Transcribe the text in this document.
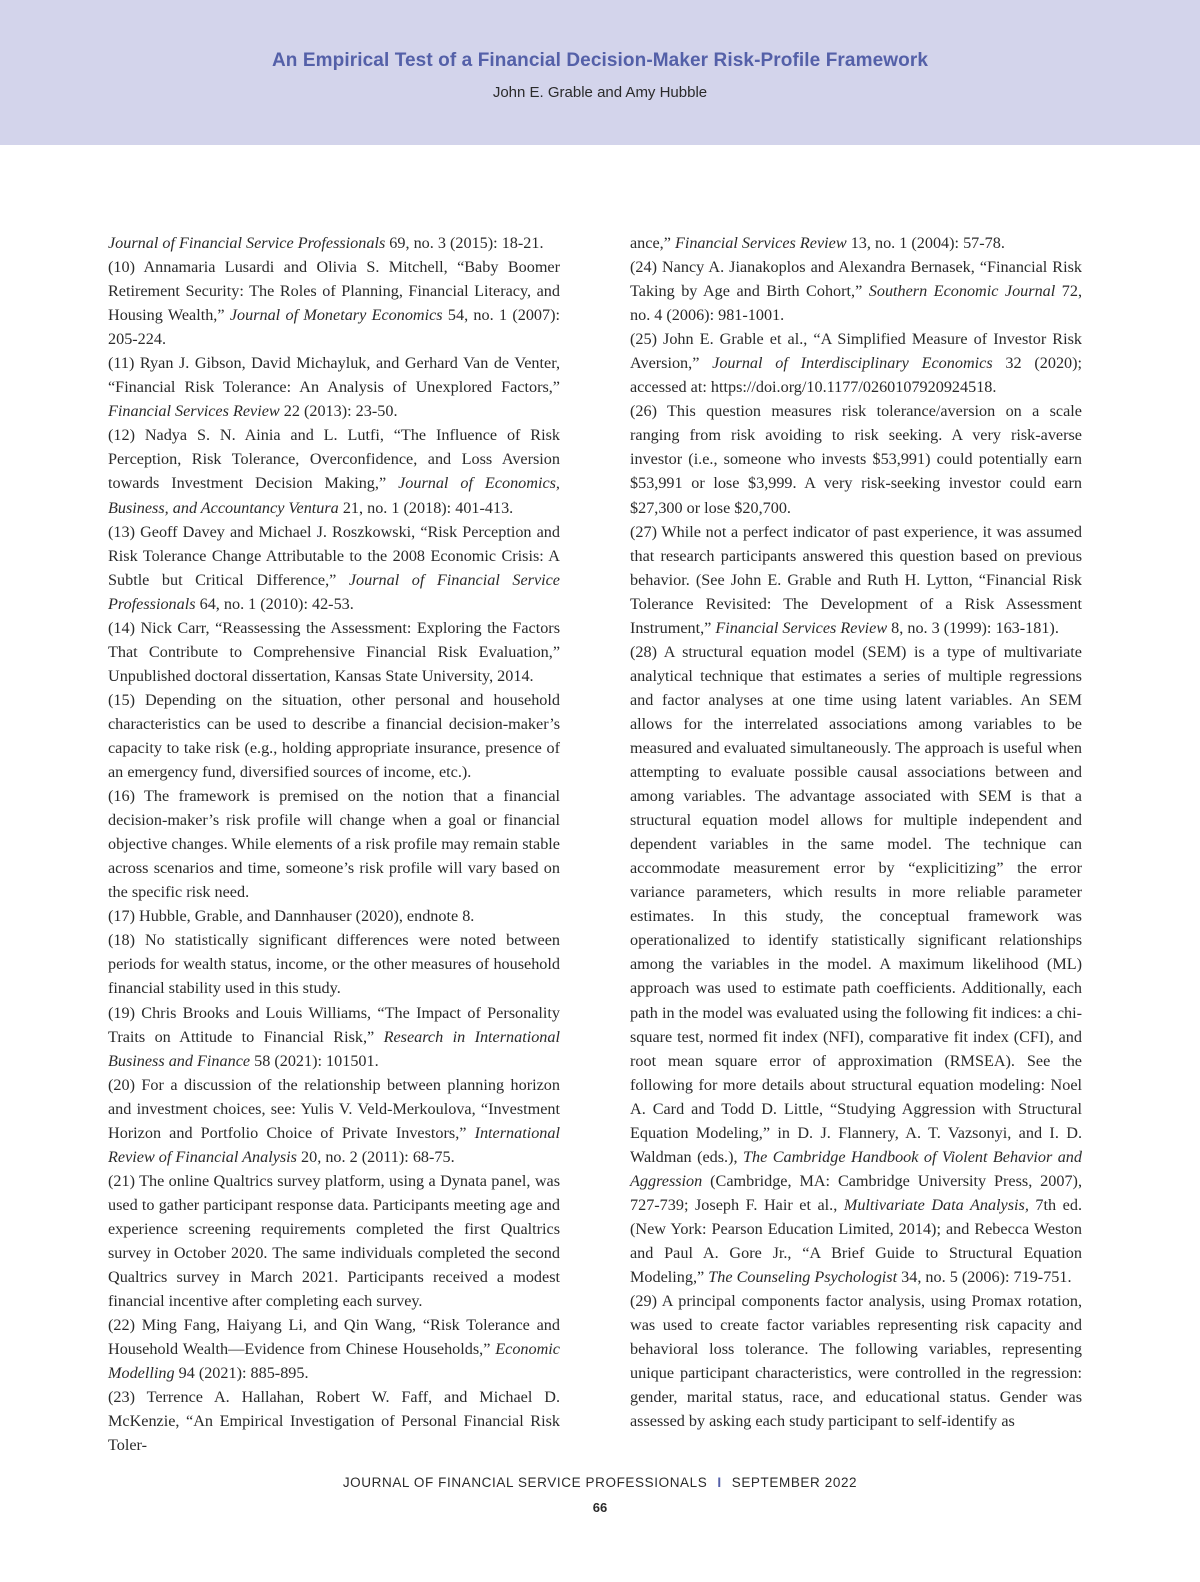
An Empirical Test of a Financial Decision-Maker Risk-Profile Framework
John E. Grable and Amy Hubble

Journal of Financial Service Professionals 69, no. 3 (2015): 18-21.

(10) Annamaria Lusardi and Olivia S. Mitchell, “Baby Boomer Retirement Security: The Roles of Planning, Financial Literacy, and Housing Wealth,” Journal of Monetary Economics 54, no. 1 (2007): 205-224.

(11) Ryan J. Gibson, David Michayluk, and Gerhard Van de Venter, “Financial Risk Tolerance: An Analysis of Unexplored Factors,” Financial Services Review 22 (2013): 23-50.

(12) Nadya S. N. Ainia and L. Lutfi, “The Influence of Risk Perception, Risk Tolerance, Overconfidence, and Loss Aversion towards Investment Decision Making,” Journal of Economics, Business, and Accountancy Ventura 21, no. 1 (2018): 401-413.

(13) Geoff Davey and Michael J. Roszkowski, “Risk Perception and Risk Tolerance Change Attributable to the 2008 Economic Crisis: A Subtle but Critical Difference,” Journal of Financial Service Professionals 64, no. 1 (2010): 42-53.

(14) Nick Carr, “Reassessing the Assessment: Exploring the Factors That Contribute to Comprehensive Financial Risk Evaluation,” Unpublished doctoral dissertation, Kansas State University, 2014.

(15) Depending on the situation, other personal and household characteristics can be used to describe a financial decision-maker’s capacity to take risk (e.g., holding appropriate insurance, presence of an emergency fund, diversified sources of income, etc.).

(16) The framework is premised on the notion that a financial decision-maker’s risk profile will change when a goal or financial objective changes. While elements of a risk profile may remain stable across scenarios and time, someone’s risk profile will vary based on the specific risk need.

(17) Hubble, Grable, and Dannhauser (2020), endnote 8.

(18) No statistically significant differences were noted between periods for wealth status, income, or the other measures of household financial stability used in this study.

(19) Chris Brooks and Louis Williams, “The Impact of Personality Traits on Attitude to Financial Risk,” Research in International Business and Finance 58 (2021): 101501.

(20) For a discussion of the relationship between planning horizon and investment choices, see: Yulis V. Veld-Merkoulova, “Investment Horizon and Portfolio Choice of Private Investors,” International Review of Financial Analysis 20, no. 2 (2011): 68-75.

(21) The online Qualtrics survey platform, using a Dynata panel, was used to gather participant response data. Participants meeting age and experience screening requirements completed the first Qualtrics survey in October 2020. The same individuals completed the second Qualtrics survey in March 2021. Participants received a modest financial incentive after completing each survey.

(22) Ming Fang, Haiyang Li, and Qin Wang, “Risk Tolerance and Household Wealth—Evidence from Chinese Households,” Economic Modelling 94 (2021): 885-895.

(23) Terrence A. Hallahan, Robert W. Faff, and Michael D. McKenzie, “An Empirical Investigation of Personal Financial Risk Toler-

ance,” Financial Services Review 13, no. 1 (2004): 57-78.

(24) Nancy A. Jianakoplos and Alexandra Bernasek, “Financial Risk Taking by Age and Birth Cohort,” Southern Economic Journal 72, no. 4 (2006): 981-1001.

(25) John E. Grable et al., “A Simplified Measure of Investor Risk Aversion,” Journal of Interdisciplinary Economics 32 (2020); accessed at: https://doi.org/10.1177/0260107920924518.

(26) This question measures risk tolerance/aversion on a scale ranging from risk avoiding to risk seeking. A very risk-averse investor (i.e., someone who invests $53,991) could potentially earn $53,991 or lose $3,999. A very risk-seeking investor could earn $27,300 or lose $20,700.

(27) While not a perfect indicator of past experience, it was assumed that research participants answered this question based on previous behavior. (See John E. Grable and Ruth H. Lytton, “Financial Risk Tolerance Revisited: The Development of a Risk Assessment Instrument,” Financial Services Review 8, no. 3 (1999): 163-181).

(28) A structural equation model (SEM) is a type of multivariate analytical technique that estimates a series of multiple regressions and factor analyses at one time using latent variables. An SEM allows for the interrelated associations among variables to be measured and evaluated simultaneously. The approach is useful when attempting to evaluate possible causal associations between and among variables. The advantage associated with SEM is that a structural equation model allows for multiple independent and dependent variables in the same model. The technique can accommodate measurement error by “explicitizing” the error variance parameters, which results in more reliable parameter estimates. In this study, the conceptual framework was operationalized to identify statistically significant relationships among the variables in the model. A maximum likelihood (ML) approach was used to estimate path coefficients. Additionally, each path in the model was evaluated using the following fit indices: a chi-square test, normed fit index (NFI), comparative fit index (CFI), and root mean square error of approximation (RMSEA). See the following for more details about structural equation modeling: Noel A. Card and Todd D. Little, “Studying Aggression with Structural Equation Modeling,” in D. J. Flannery, A. T. Vazsonyi, and I. D. Waldman (eds.), The Cambridge Handbook of Violent Behavior and Aggression (Cambridge, MA: Cambridge University Press, 2007), 727-739; Joseph F. Hair et al., Multivariate Data Analysis, 7th ed. (New York: Pearson Education Limited, 2014); and Rebecca Weston and Paul A. Gore Jr., “A Brief Guide to Structural Equation Modeling,” The Counseling Psychologist 34, no. 5 (2006): 719-751.

(29) A principal components factor analysis, using Promax rotation, was used to create factor variables representing risk capacity and behavioral loss tolerance. The following variables, representing unique participant characteristics, were controlled in the regression: gender, marital status, race, and educational status. Gender was assessed by asking each study participant to self-identify as

JOURNAL OF FINANCIAL SERVICE PROFESSIONALS I SEPTEMBER 2022
66
